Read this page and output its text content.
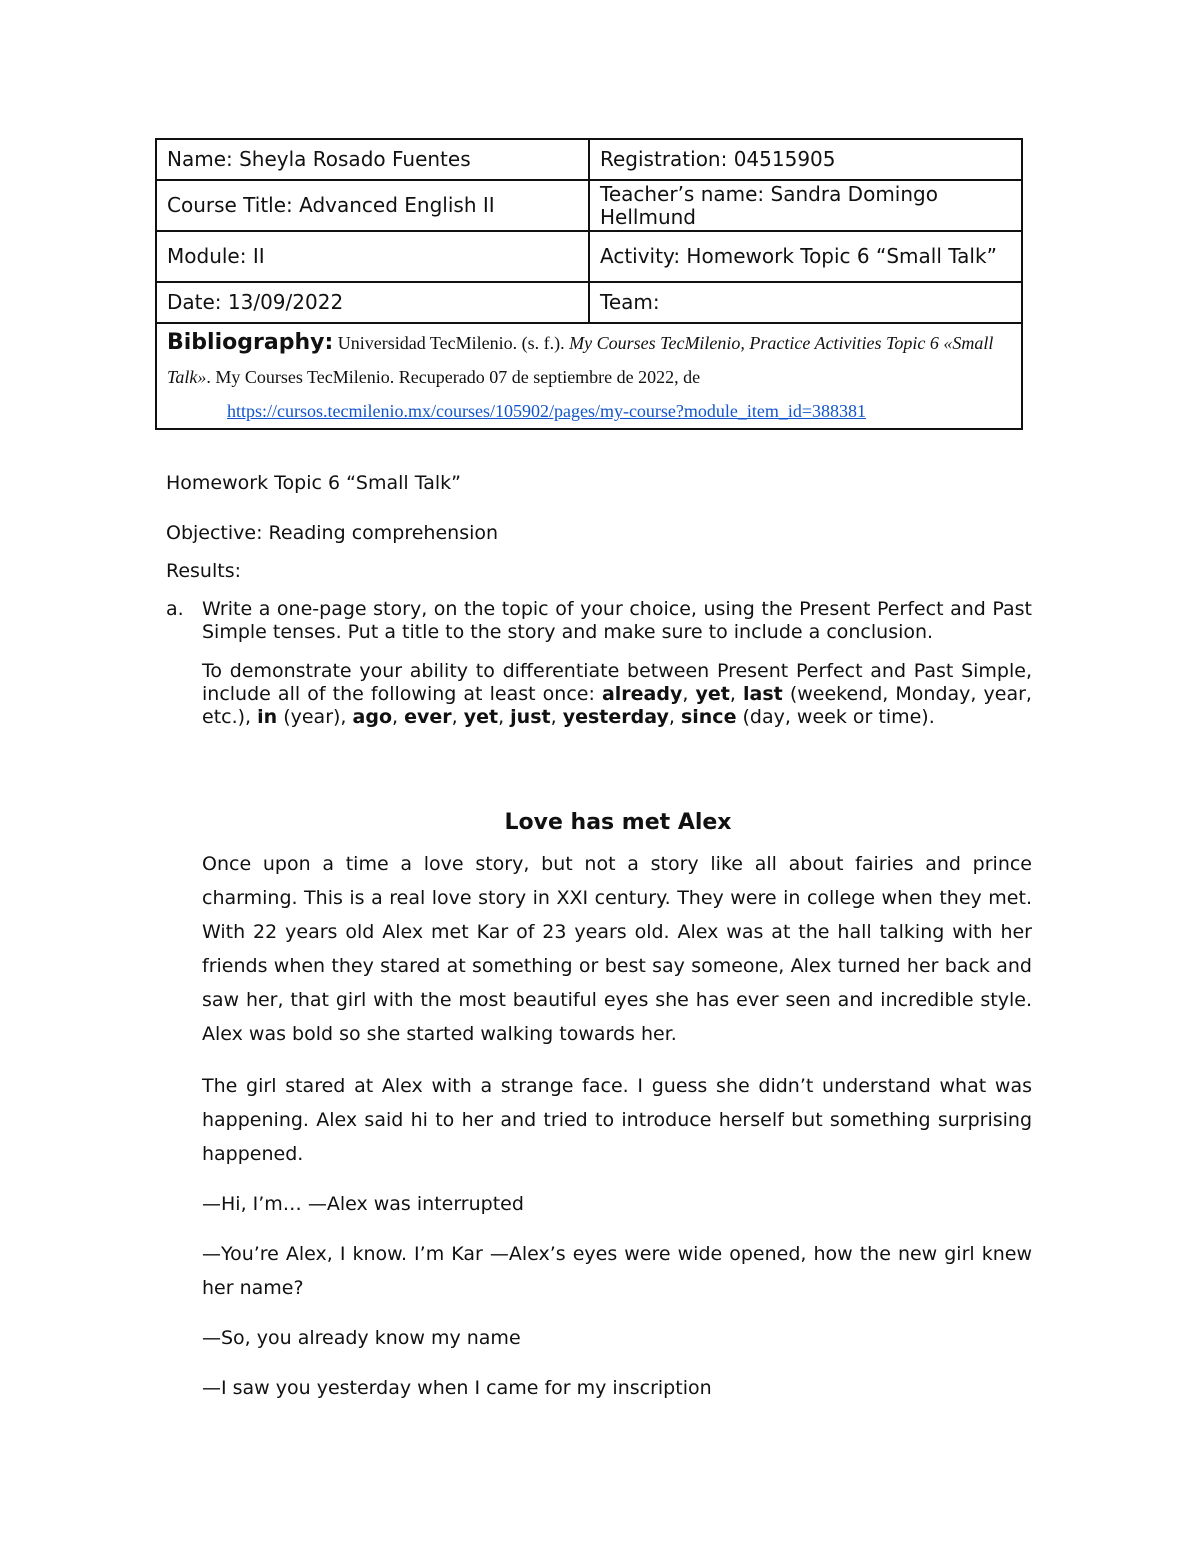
Name: Sheyla Rosado Fuentes	Registration: 04515905
Course Title: Advanced English II	Teacher’s name: Sandra Domingo Hellmund
Module: II	Activity: Homework Topic 6 “Small Talk”
Date: 13/09/2022	Team:
Bibliography: Universidad TecMilenio. (s. f.). My Courses TecMilenio, Practice Activities Topic 6 «Small Talk». My Courses TecMilenio. Recuperado 07 de septiembre de 2022, de
https://cursos.tecmilenio.mx/courses/105902/pages/my-course?module_item_id=388381	
Homework Topic 6 “Small Talk”
Objective: Reading comprehension
Results:
a. Write a one-page story, on the topic of your choice, using the Present Perfect and Past Simple tenses. Put a title to the story and make sure to include a conclusion.
To demonstrate your ability to differentiate between Present Perfect and Past Simple, include all of the following at least once: already, yet, last (weekend, Monday, year, etc.), in (year), ago, ever, yet, just, yesterday, since (day, week or time).
Love has met Alex
Once upon a time a love story, but not a story like all about fairies and prince charming. This is a real love story in XXI century. They were in college when they met. With 22 years old Alex met Kar of 23 years old. Alex was at the hall talking with her friends when they stared at something or best say someone, Alex turned her back and saw her, that girl with the most beautiful eyes she has ever seen and incredible style. Alex was bold so she started walking towards her.
The girl stared at Alex with a strange face. I guess she didn’t understand what was happening. Alex said hi to her and tried to introduce herself but something surprising happened.
—Hi, I’m… —Alex was interrupted
—You’re Alex, I know. I’m Kar —Alex’s eyes were wide opened, how the new girl knew her name?
—So, you already know my name
—I saw you yesterday when I came for my inscription
